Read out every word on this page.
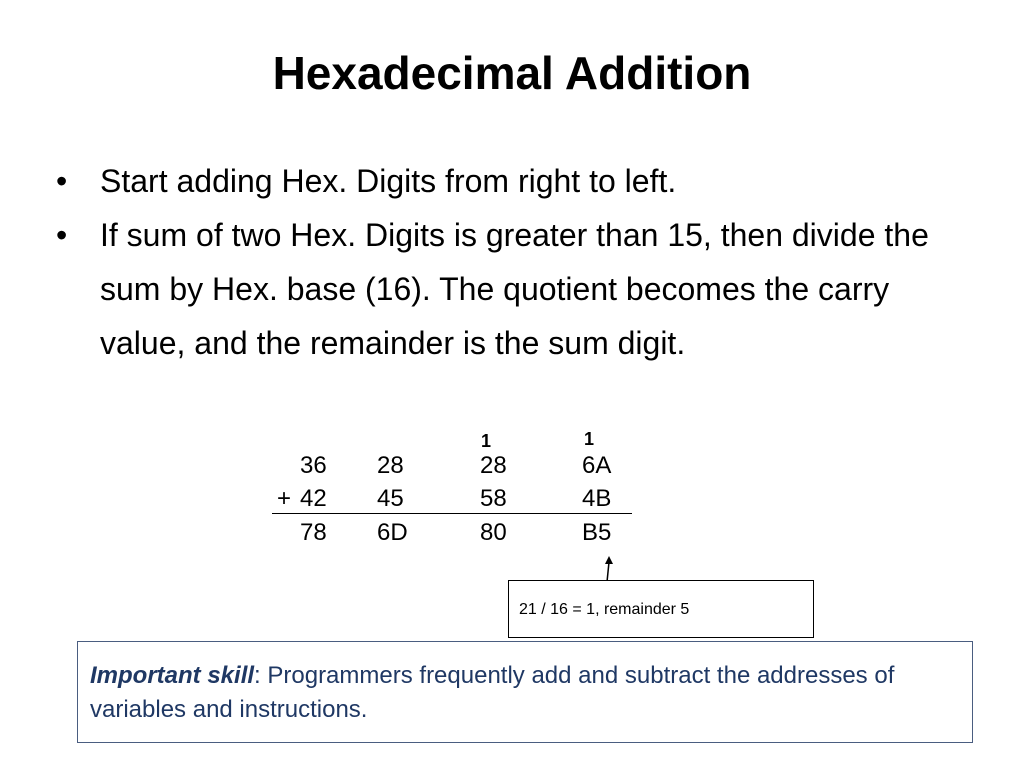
Hexadecimal Addition
• Start adding Hex. Digits from right to left.
• If sum of two Hex. Digits is greater than 15, then divide the sum by Hex. base (16). The quotient becomes the carry value, and the remainder is the sum digit.
+
36
42
78
28
45
6D
1
28
58
80
1
6A
4B
B5
21 / 16 = 1, remainder 5
Important skill: Programmers frequently add and subtract the addresses of variables and instructions.
